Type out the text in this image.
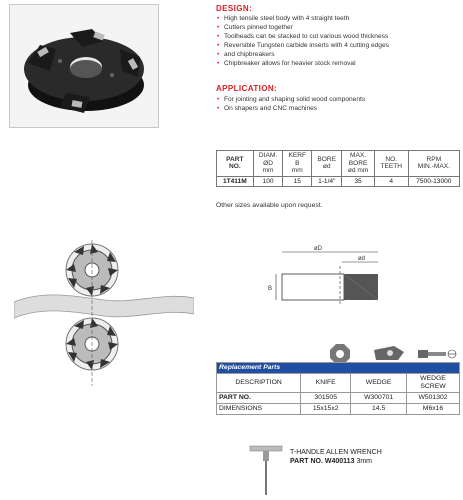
DESIGN:
• High tensile steel body with 4 straight teeth
• Cutters pinned together
• Toolheads can be stacked to cut various wood thickness
• Reversible Tungsten carbide inserts with 4 cutting edges
• and chipbreakers
• Chipbreaker allows for heavier stock removal
APPLICATION:
• For jointing and shaping solid wood components
• On shapers and CNC machines
PART
NO.	DIAM.
ØD
mm	KERF
B
mm	BORE
ød	MAX.
BORE
ød mm	NO.
TEETH	RPM
MIN.-MAX.
1T411M	100	15	1-1/4"	35	4	7500-13000
Other sizes available upon request.
øD
ød
B
Replacement Parts			
DESCRIPTION	KNIFE	WEDGE	WEDGE SCREW
PART NO.	301505	W300701	W501302
DIMENSIONS	15x15x2	14.5	M6x16
T-HANDLE ALLEN WRENCH
PART NO. W400113 3mm
